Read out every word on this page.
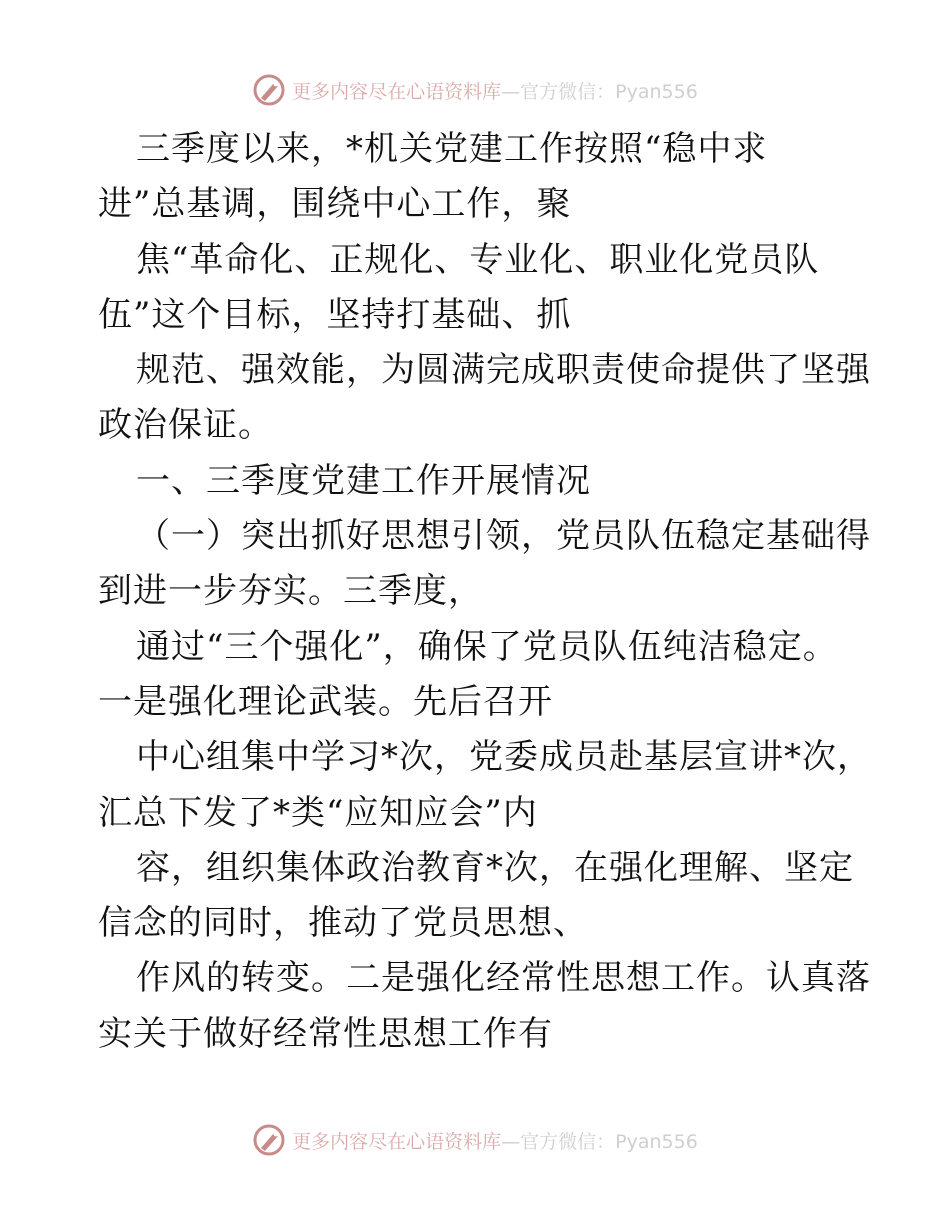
更多内容尽在心语资料库—官方微信：Pyan556
三季度以来，*机关党建工作按照“稳中求
进”总基调，围绕中心工作，聚
焦“革命化、正规化、专业化、职业化党员队
伍”这个目标，坚持打基础、抓
规范、强效能，为圆满完成职责使命提供了坚强
政治保证。
一、三季度党建工作开展情况
（一）突出抓好思想引领，党员队伍稳定基础得
到进一步夯实。三季度，
通过“三个强化”，确保了党员队伍纯洁稳定。
一是强化理论武装。先后召开
中心组集中学习*次，党委成员赴基层宣讲*次，
汇总下发了*类“应知应会”内
容，组织集体政治教育*次，在强化理解、坚定
信念的同时，推动了党员思想、
作风的转变。二是强化经常性思想工作。认真落
实关于做好经常性思想工作有
更多内容尽在心语资料库—官方微信：Pyan556
